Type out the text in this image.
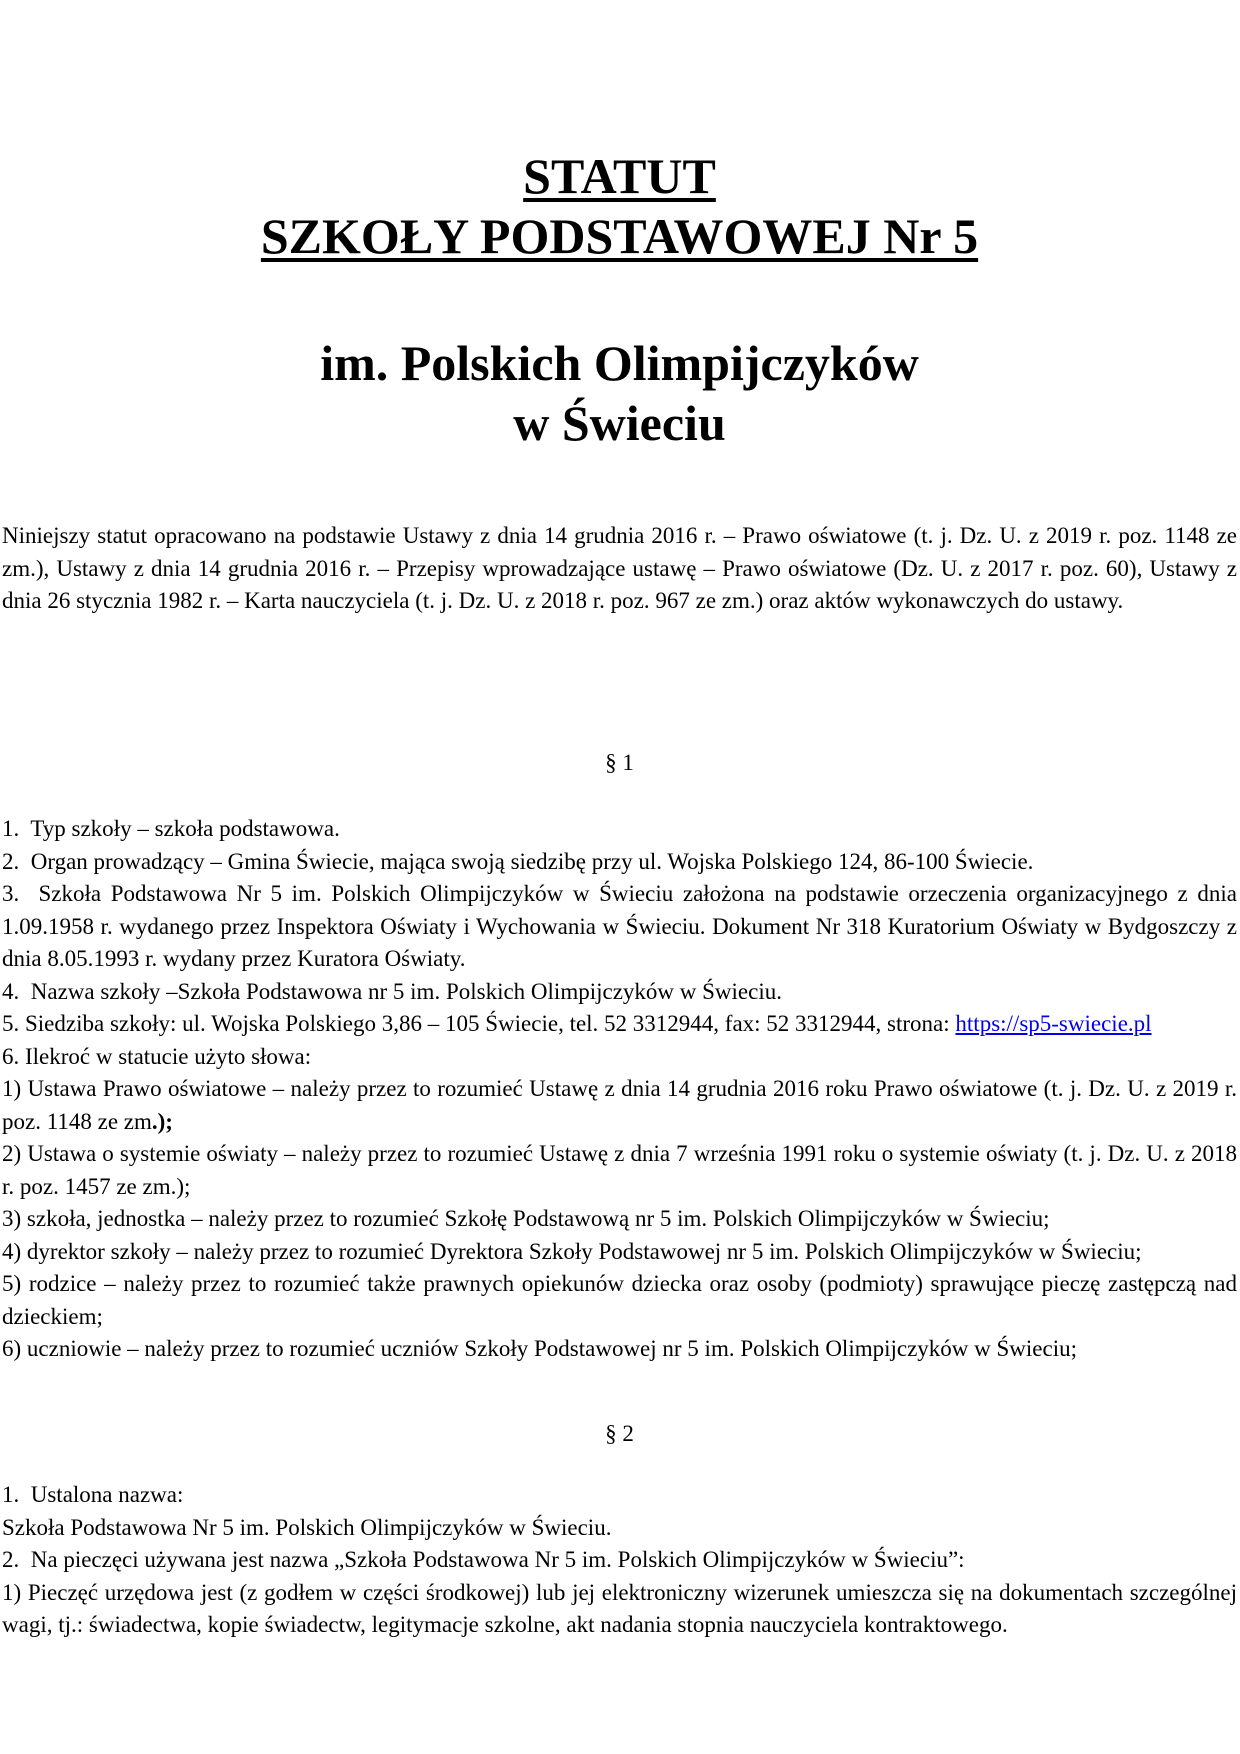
STATUT
SZKOŁY PODSTAWOWEJ Nr 5
im. Polskich Olimpijczyków
w Świeciu

Niniejszy statut opracowano na podstawie Ustawy z dnia 14 grudnia 2016 r. – Prawo oświatowe (t. j. Dz. U. z 2019 r. poz. 1148 ze zm.), Ustawy z dnia 14 grudnia 2016 r. – Przepisy wprowadzające ustawę – Prawo oświatowe (Dz. U. z 2017 r. poz. 60), Ustawy z dnia 26 stycznia 1982 r. – Karta nauczyciela (t. j. Dz. U. z 2018 r. poz. 967 ze zm.) oraz aktów wykonawczych do ustawy.

§ 1

1.  Typ szkoły – szkoła podstawowa.

2.  Organ prowadzący – Gmina Świecie, mająca swoją siedzibę przy ul. Wojska Polskiego 124, 86-100 Świecie.

3.  Szkoła Podstawowa Nr 5 im. Polskich Olimpijczyków w Świeciu założona na podstawie orzeczenia organizacyjnego z dnia 1.09.1958 r. wydanego przez Inspektora Oświaty i Wychowania w Świeciu. Dokument Nr 318 Kuratorium Oświaty w Bydgoszczy z dnia 8.05.1993 r. wydany przez Kuratora Oświaty.

4.  Nazwa szkoły –Szkoła Podstawowa nr 5 im. Polskich Olimpijczyków w Świeciu.

5. Siedziba szkoły: ul. Wojska Polskiego 3,86 – 105 Świecie, tel. 52 3312944, fax: 52 3312944, strona: https://sp5-swiecie.pl

6. Ilekroć w statucie użyto słowa:

1) Ustawa Prawo oświatowe – należy przez to rozumieć Ustawę z dnia 14 grudnia 2016 roku Prawo oświatowe (t. j. Dz. U. z 2019 r. poz. 1148 ze zm.);

2) Ustawa o systemie oświaty – należy przez to rozumieć Ustawę z dnia 7 września 1991 roku o systemie oświaty (t. j. Dz. U. z 2018 r. poz. 1457 ze zm.);

3) szkoła, jednostka – należy przez to rozumieć Szkołę Podstawową nr 5 im. Polskich Olimpijczyków w Świeciu;

4) dyrektor szkoły – należy przez to rozumieć Dyrektora Szkoły Podstawowej nr 5 im. Polskich Olimpijczyków w Świeciu;

5) rodzice – należy przez to rozumieć także prawnych opiekunów dziecka oraz osoby (podmioty) sprawujące pieczę zastępczą nad dzieckiem;

6) uczniowie – należy przez to rozumieć uczniów Szkoły Podstawowej nr 5 im. Polskich Olimpijczyków w Świeciu;

§ 2

1.  Ustalona nazwa:

Szkoła Podstawowa Nr 5 im. Polskich Olimpijczyków w Świeciu.

2.  Na pieczęci używana jest nazwa „Szkoła Podstawowa Nr 5 im. Polskich Olimpijczyków w Świeciu”:

1) Pieczęć urzędowa jest (z godłem w części środkowej) lub jej elektroniczny wizerunek umieszcza się na dokumentach szczególnej wagi, tj.: świadectwa, kopie świadectw, legitymacje szkolne, akt nadania stopnia nauczyciela kontraktowego.
